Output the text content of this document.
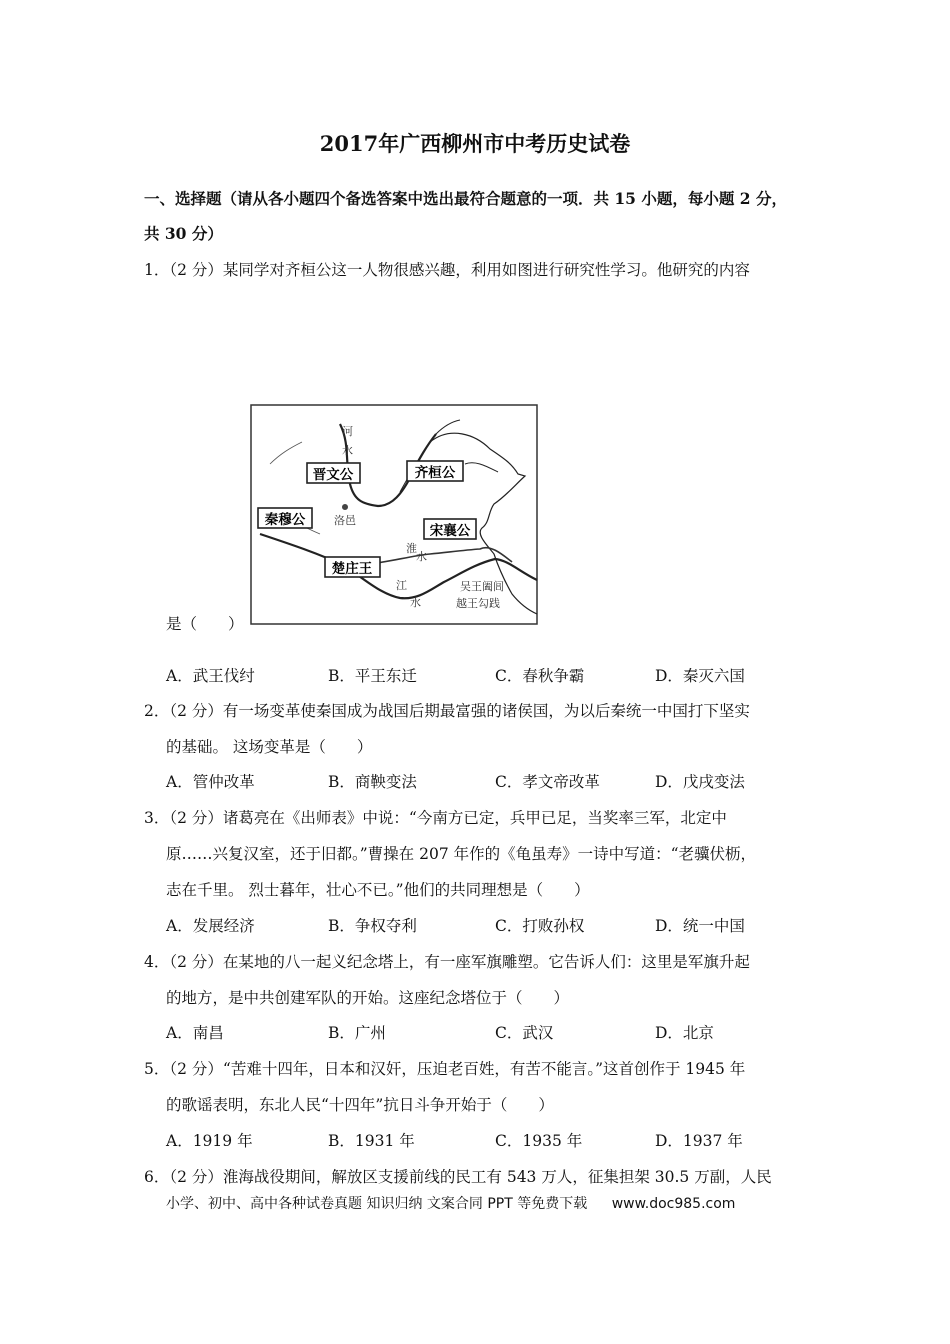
2017年广西柳州市中考历史试卷
一、选择题（请从各小题四个备选答案中选出最符合题意的一项．共 15 小题，每小题 2 分，
共 30 分）
1．（2 分）某同学对齐桓公这一人物很感兴趣，利用如图进行研究性学习。他研究的内容
晋文公	齐桓公
秦穆公
宋襄公
楚庄王
河
水
洛邑
淮
水
江
水
吴王阖闾
越王勾践
是（　　）
A．武王伐纣	B．平王东迁	C．春秋争霸	D．秦灭六国
2．（2 分）有一场变革使秦国成为战国后期最富强的诸侯国，为以后秦统一中国打下坚实
的基础。 这场变革是（　　）
A．管仲改革	B．商鞅变法	C．孝文帝改革	D．戊戌变法
3．（2 分）诸葛亮在《出师表》中说：“今南方已定，兵甲已足，当奖率三军，北定中
原……兴复汉室，还于旧都。”曹操在 207 年作的《龟虽寿》一诗中写道：“老骥伏枥，
志在千里。 烈士暮年，壮心不已。”他们的共同理想是（　　）
A．发展经济	B．争权夺利	C．打败孙权	D．统一中国
4．（2 分）在某地的八一起义纪念塔上，有一座军旗雕塑。它告诉人们：这里是军旗升起
的地方，是中共创建军队的开始。这座纪念塔位于（　　）
A．南昌	B．广州	C．武汉	D．北京
5．（2 分）“苦难十四年，日本和汉奸，压迫老百姓，有苦不能言。”这首创作于 1945 年
的歌谣表明，东北人民“十四年”抗日斗争开始于（　　）
A．1919 年	B．1931 年	C．1935 年	D．1937 年
6．（2 分）淮海战役期间，解放区支援前线的民工有 543 万人，征集担架 30.5 万副，人民
小学、初中、高中各种试卷真题 知识归纳 文案合同 PPT 等免费下载 www.doc985.com
